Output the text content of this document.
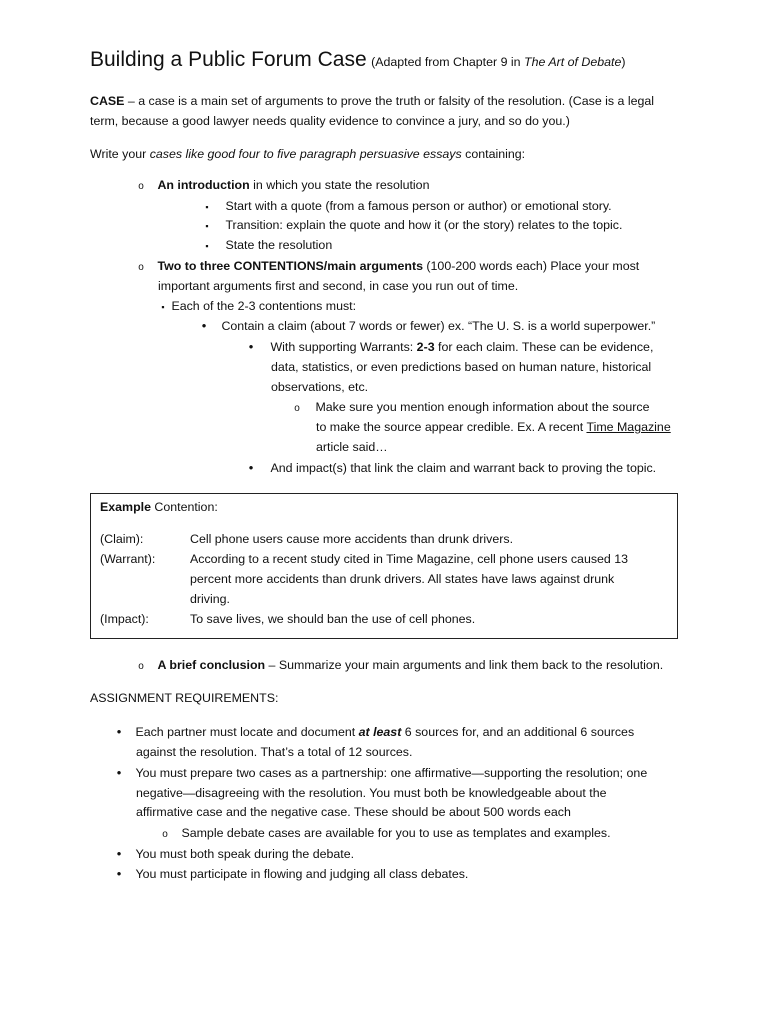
Building a Public Forum Case (Adapted from Chapter 9 in The Art of Debate)
CASE – a case is a main set of arguments to prove the truth or falsity of the resolution. (Case is a legal
term, because a good lawyer needs quality evidence to convince a jury, and so do you.)
Write your cases like good four to five paragraph persuasive essays containing:
o An introduction in which you state the resolution
▪ Start with a quote (from a famous person or author) or emotional story.
▪ Transition: explain the quote and how it (or the story) relates to the topic.
▪ State the resolution
o Two to three CONTENTIONS/main arguments (100-200 words each) Place your most
important arguments first and second, in case you run out of time.
▪ Each of the 2-3 contentions must:
• Contain a claim (about 7 words or fewer) ex. “The U. S. is a world superpower.”
• With supporting Warrants: 2-3 for each claim. These can be evidence,
data, statistics, or even predictions based on human nature, historical
observations, etc.
o Make sure you mention enough information about the source
to make the source appear credible. Ex. A recent Time Magazine
article said…
• And impact(s) that link the claim and warrant back to proving the topic.
Example Contention:
(Claim):	Cell phone users cause more accidents than drunk drivers.
(Warrant):	According to a recent study cited in Time Magazine, cell phone users caused 13
percent more accidents than drunk drivers. All states have laws against drunk
driving.
(Impact):	To save lives, we should ban the use of cell phones.
o A brief conclusion – Summarize your main arguments and link them back to the resolution.
ASSIGNMENT REQUIREMENTS:
• Each partner must locate and document at least 6 sources for, and an additional 6 sources
against the resolution. That’s a total of 12 sources.
• You must prepare two cases as a partnership: one affirmative—supporting the resolution; one
negative—disagreeing with the resolution. You must both be knowledgeable about the
affirmative case and the negative case. These should be about 500 words each
o Sample debate cases are available for you to use as templates and examples.
• You must both speak during the debate.
• You must participate in flowing and judging all class debates.
